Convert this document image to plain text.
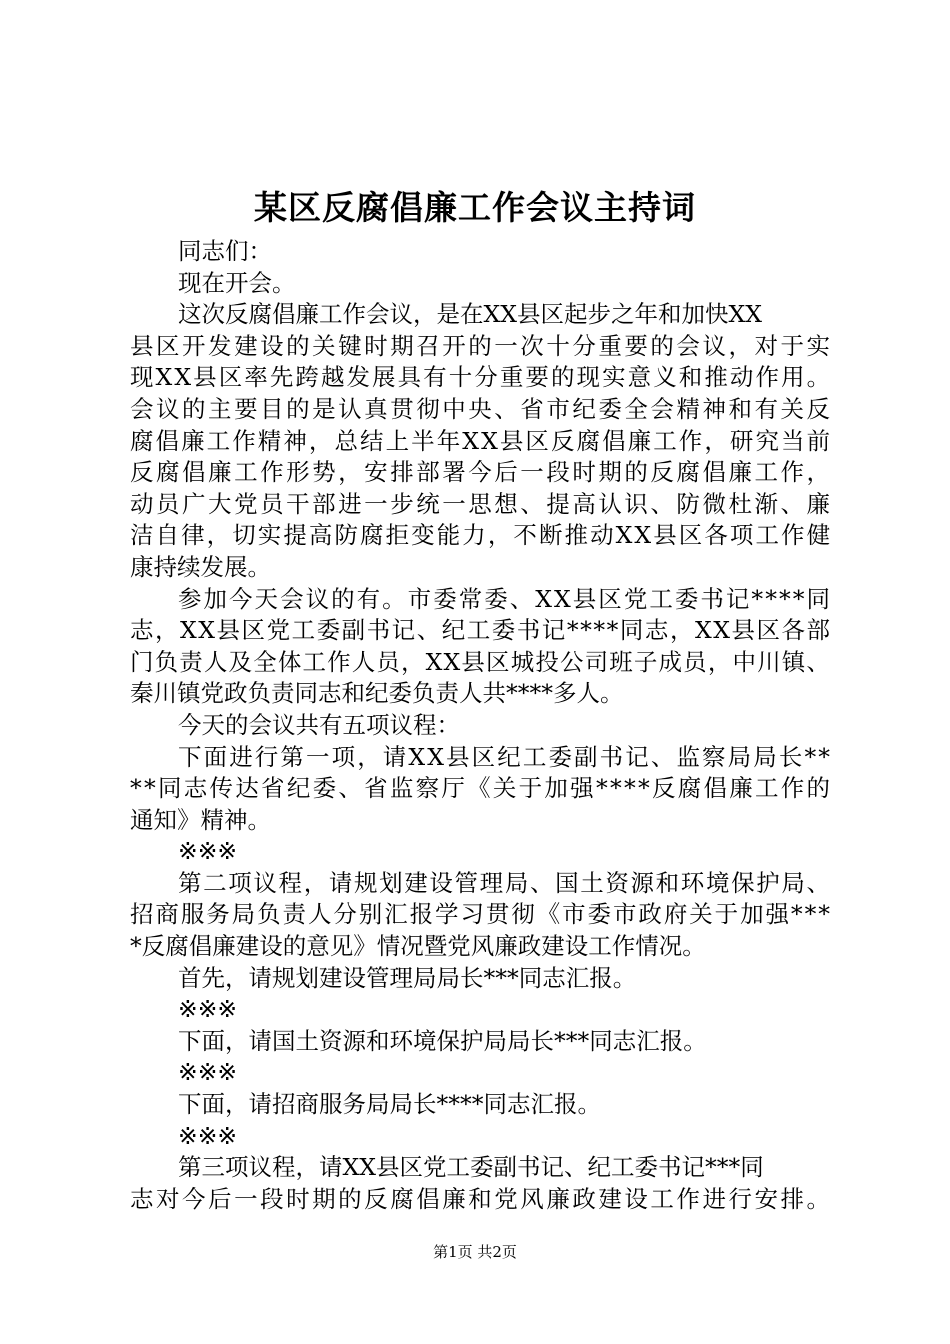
某区反腐倡廉工作会议主持词
同志们：
现在开会。
这次反腐倡廉工作会议，是在XX县区起步之年和加快XX
县区开发建设的关键时期召开的一次十分重要的会议，对于实
现XX县区率先跨越发展具有十分重要的现实意义和推动作用。
会议的主要目的是认真贯彻中央、省市纪委全会精神和有关反
腐倡廉工作精神，总结上半年XX县区反腐倡廉工作，研究当前
反腐倡廉工作形势，安排部署今后一段时期的反腐倡廉工作，
动员广大党员干部进一步统一思想、提高认识、防微杜渐、廉
洁自律，切实提高防腐拒变能力，不断推动XX县区各项工作健
康持续发展。
参加今天会议的有。市委常委、XX县区党工委书记****同
志，XX县区党工委副书记、纪工委书记****同志，XX县区各部
门负责人及全体工作人员，XX县区城投公司班子成员，中川镇、
秦川镇党政负责同志和纪委负责人共****多人。
今天的会议共有五项议程：
下面进行第一项，请XX县区纪工委副书记、监察局局长**
**同志传达省纪委、省监察厅《关于加强****反腐倡廉工作的
通知》精神。
※※※
第二项议程，请规划建设管理局、国土资源和环境保护局、
招商服务局负责人分别汇报学习贯彻《市委市政府关于加强***
*反腐倡廉建设的意见》情况暨党风廉政建设工作情况。
首先，请规划建设管理局局长***同志汇报。
※※※
下面，请国土资源和环境保护局局长***同志汇报。
※※※
下面，请招商服务局局长****同志汇报。
※※※
第三项议程，请XX县区党工委副书记、纪工委书记***同
志对今后一段时期的反腐倡廉和党风廉政建设工作进行安排。
第1页 共2页
